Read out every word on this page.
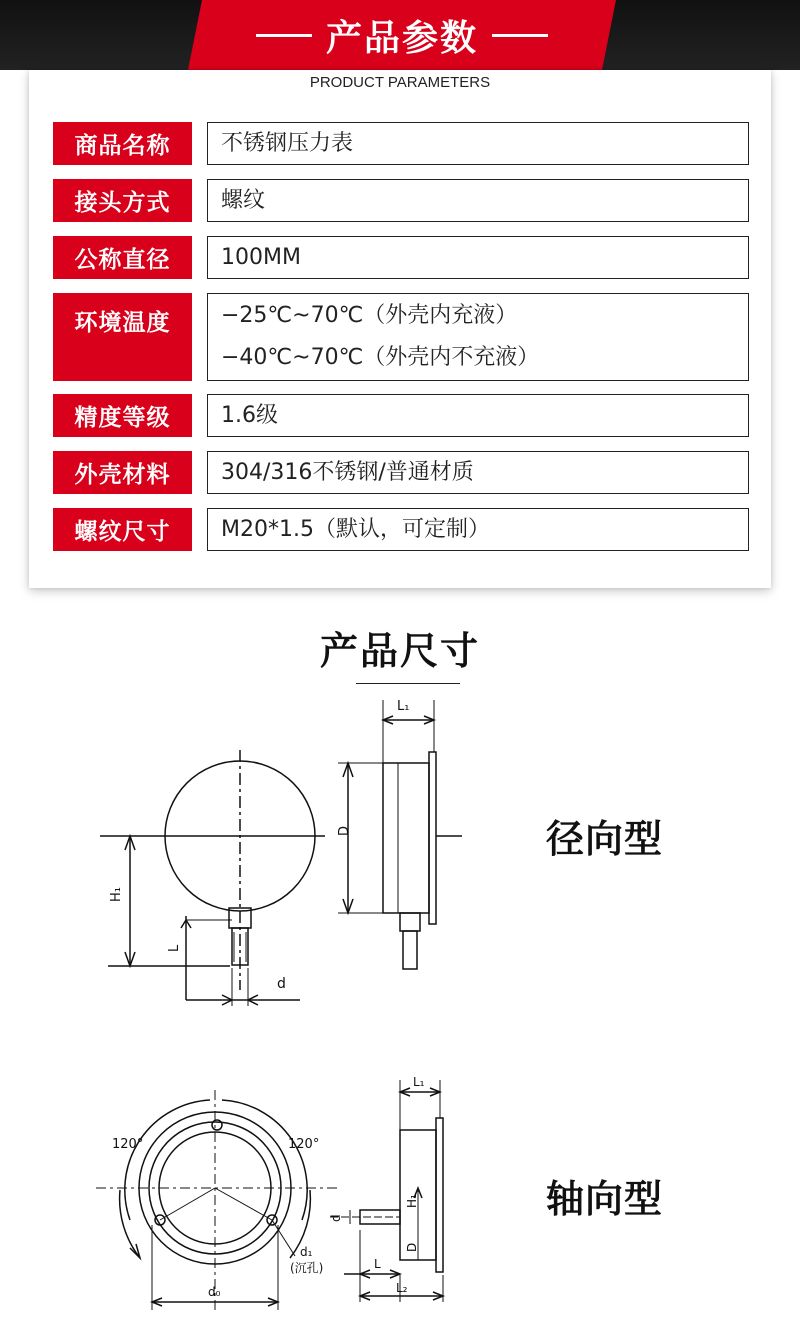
产品参数
PRODUCT PARAMETERS
商品名称	不锈钢压力表
接头方式	螺纹
公称直径	100MM
环境温度	−25℃~70℃（外壳内充液）
−40℃~70℃（外壳内不充液）
精度等级	1.6级
外壳材料	304/316不锈钢/普通材质
螺纹尺寸	M20*1.5（默认，可定制）
产品尺寸
L₁
D
H₁
L
d
径向型
120°	120°
d₁
(沉孔)
d₀
L₁
H₁
D
d
L
L₂
轴向型
